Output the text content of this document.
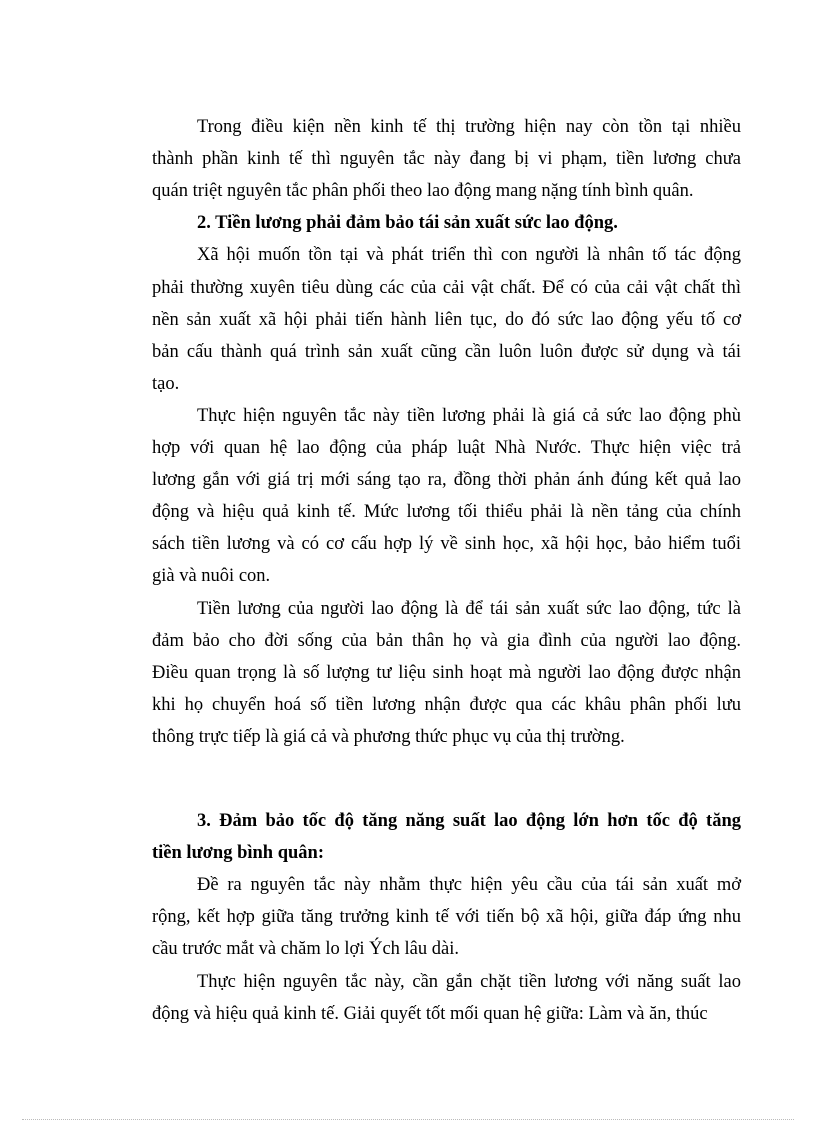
Trong điều kiện nền kinh tế thị trường hiện nay còn tồn tại nhiều
thành phần kinh tế thì nguyên tắc này đang bị vi phạm, tiền lương chưa
quán triệt nguyên tắc phân phối theo lao động mang nặng tính bình quân.
2. Tiền lương phải đảm bảo tái sản xuất sức lao động.
Xã hội muốn tồn tại và phát triển thì con người là nhân tố tác động
phải thường xuyên tiêu dùng các của cải vật chất. Để có của cải vật chất thì
nền sản xuất xã hội phải tiến hành liên tục, do đó sức lao động yếu tố cơ
bản cấu thành quá trình sản xuất cũng cần luôn luôn được sử dụng và tái
tạo.
Thực hiện nguyên tắc này tiền lương phải là giá cả sức lao động phù
hợp với quan hệ lao động của pháp luật Nhà Nước. Thực hiện việc trả
lương gắn với giá trị mới sáng tạo ra, đồng thời phản ánh đúng kết quả lao
động và hiệu quả kinh tế. Mức lương tối thiểu phải là nền tảng của chính
sách tiền lương và có cơ cấu hợp lý về sinh học, xã hội học, bảo hiểm tuổi
già và nuôi con.
Tiền lương của người lao động là để tái sản xuất sức lao động, tức là
đảm bảo cho đời sống của bản thân họ và gia đình của người lao động.
Điều quan trọng là số lượng tư liệu sinh hoạt mà người lao động được nhận
khi họ chuyển hoá số tiền lương nhận được qua các khâu phân phối lưu
thông trực tiếp là giá cả và phương thức phục vụ của thị trường.
3. Đảm bảo tốc độ tăng năng suất lao động lớn hơn tốc độ tăng
tiền lương bình quân:
Đề ra nguyên tắc này nhằm thực hiện yêu cầu của tái sản xuất mở
rộng, kết hợp giữa tăng trưởng kinh tế với tiến bộ xã hội, giữa đáp ứng nhu
cầu trước mắt và chăm lo lợi Ých lâu dài.
Thực hiện nguyên tắc này, cần gắn chặt tiền lương với năng suất lao
động và hiệu quả kinh tế. Giải quyết tốt mối quan hệ giữa: Làm và ăn, thúc
